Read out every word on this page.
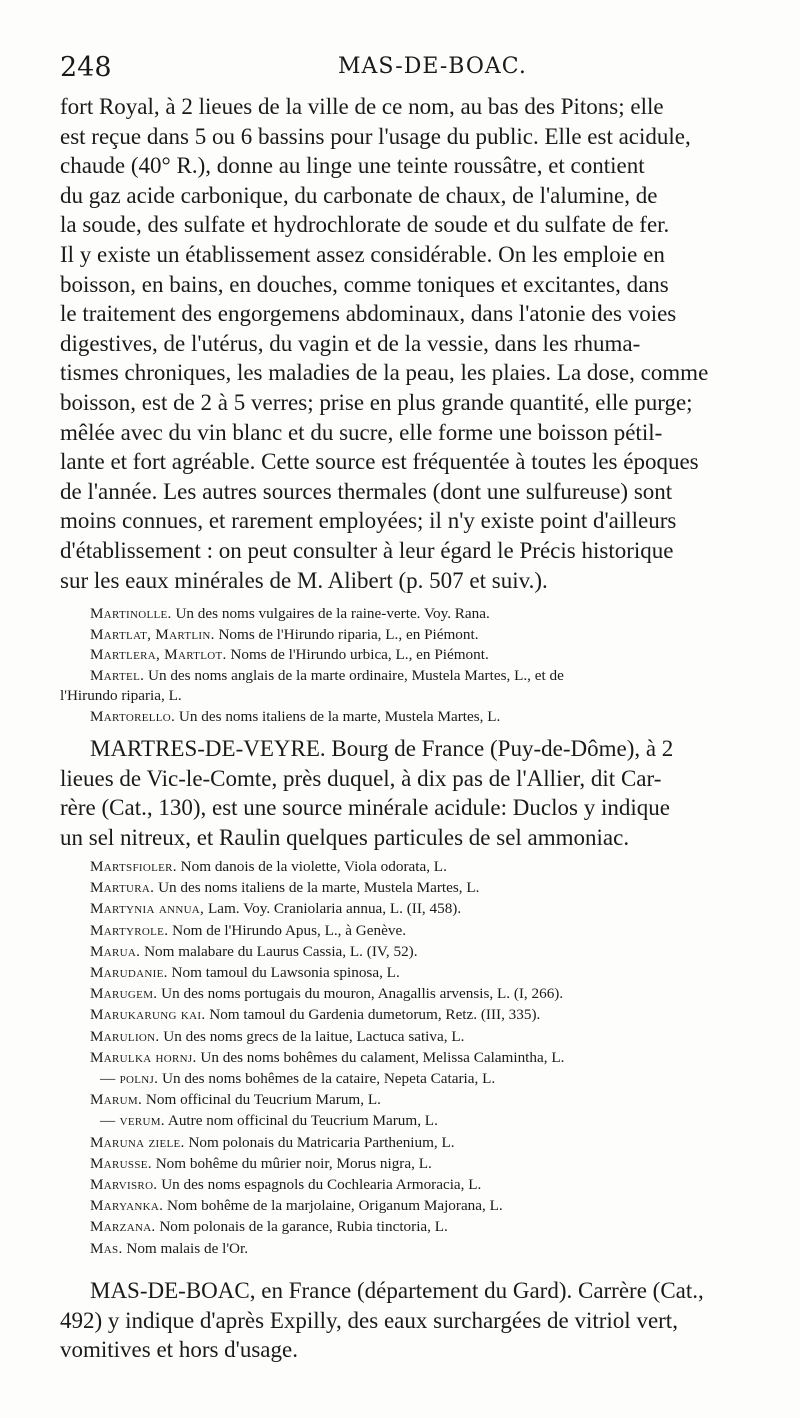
248	MAS-DE-BOAC.
fort Royal, à 2 lieues de la ville de ce nom, au bas des Pitons; elle
est reçue dans 5 ou 6 bassins pour l'usage du public. Elle est acidule,
chaude (40° R.), donne au linge une teinte roussâtre, et contient
du gaz acide carbonique, du carbonate de chaux, de l'alumine, de
la soude, des sulfate et hydrochlorate de soude et du sulfate de fer.
Il y existe un établissement assez considérable. On les emploie en
boisson, en bains, en douches, comme toniques et excitantes, dans
le traitement des engorgemens abdominaux, dans l'atonie des voies
digestives, de l'utérus, du vagin et de la vessie, dans les rhuma-
tismes chroniques, les maladies de la peau, les plaies. La dose, comme
boisson, est de 2 à 5 verres; prise en plus grande quantité, elle purge;
mêlée avec du vin blanc et du sucre, elle forme une boisson pétil-
lante et fort agréable. Cette source est fréquentée à toutes les époques
de l'année. Les autres sources thermales (dont une sulfureuse) sont
moins connues, et rarement employées; il n'y existe point d'ailleurs
d'établissement : on peut consulter à leur égard le Précis historique
sur les eaux minérales de M. Alibert (p. 507 et suiv.).
Martinolle. Un des noms vulgaires de la raine-verte. Voy. Rana.
Martlat, Martlin. Noms de l'Hirundo riparia, L., en Piémont.
Martlera, Martlot. Noms de l'Hirundo urbica, L., en Piémont.
Martel. Un des noms anglais de la marte ordinaire, Mustela Martes, L., et de
l'Hirundo riparia, L.
Martorello. Un des noms italiens de la marte, Mustela Martes, L.
MARTRES-DE-VEYRE. Bourg de France (Puy-de-Dôme), à 2
lieues de Vic-le-Comte, près duquel, à dix pas de l'Allier, dit Car-
rère (Cat., 130), est une source minérale acidule: Duclos y indique
un sel nitreux, et Raulin quelques particules de sel ammoniac.
Martsfioler. Nom danois de la violette, Viola odorata, L.
Martura. Un des noms italiens de la marte, Mustela Martes, L.
Martynia annua, Lam. Voy. Craniolaria annua, L. (II, 458).
Martyrole. Nom de l'Hirundo Apus, L., à Genève.
Marua. Nom malabare du Laurus Cassia, L. (IV, 52).
Marudanie. Nom tamoul du Lawsonia spinosa, L.
Marugem. Un des noms portugais du mouron, Anagallis arvensis, L. (I, 266).
Marukarung kai. Nom tamoul du Gardenia dumetorum, Retz. (III, 335).
Marulion. Un des noms grecs de la laitue, Lactuca sativa, L.
Marulka hornj. Un des noms bohêmes du calament, Melissa Calamintha, L.
— polnj. Un des noms bohêmes de la cataire, Nepeta Cataria, L.
Marum. Nom officinal du Teucrium Marum, L.
— verum. Autre nom officinal du Teucrium Marum, L.
Maruna ziele. Nom polonais du Matricaria Parthenium, L.
Marusse. Nom bohême du mûrier noir, Morus nigra, L.
Marvisro. Un des noms espagnols du Cochlearia Armoracia, L.
Maryanka. Nom bohême de la marjolaine, Origanum Majorana, L.
Marzana. Nom polonais de la garance, Rubia tinctoria, L.
Mas. Nom malais de l'Or.
MAS-DE-BOAC, en France (département du Gard). Carrère (Cat.,
492) y indique d'après Expilly, des eaux surchargées de vitriol vert,
vomitives et hors d'usage.
